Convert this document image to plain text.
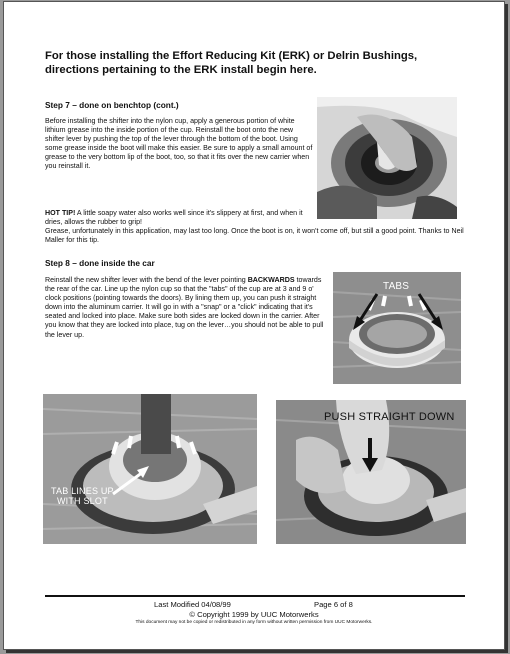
For those installing the Effort Reducing Kit (ERK) or Delrin Bushings,
directions pertaining to the ERK install begin here.
Step 7 – done on benchtop (cont.)

Before installing the shifter into the nylon cup, apply a generous portion of white lithium grease into the inside portion of the cup. Reinstall the boot onto the new shifter lever by pushing the top of the lever through the bottom of the boot. Using some grease inside the boot will make this easier. Be sure to apply a small amount of grease to the very bottom lip of the boot, too, so that it fits over the new carrier when you reinstall it.

HOT TIP! A little soapy water also works well since it's slippery at first, and when it dries, allows the rubber to grip!

Grease, unfortunately in this application, may last too long. Once the boot is on, it won't come off, but still a good point. Thanks to Neil Maller for this tip.

Step 8 – done inside the car

Reinstall the new shifter lever with the bend of the lever pointing BACKWARDS towards the rear of the car. Line up the nylon cup so that the "tabs" of the cup are at 3 and 9 o' clock positions (pointing towards the doors). By lining them up, you can push it straight down into the aluminum carrier. It will go in with a "snap" or a "click" indicating that it's seated and locked into place. Make sure both sides are locked down in the carrier. After you know that they are locked into place, tug on the lever…you should not be able to pull the lever up.

TABS
TAB LINES UP
WITH SLOT
PUSH STRAIGHT DOWN
Last Modified 04/08/99	Page 6 of 8
© Copyright 1999 by UUC Motorwerks
This document may not be copied or redistributed in any form without written permission from UUC Motorwerks.
